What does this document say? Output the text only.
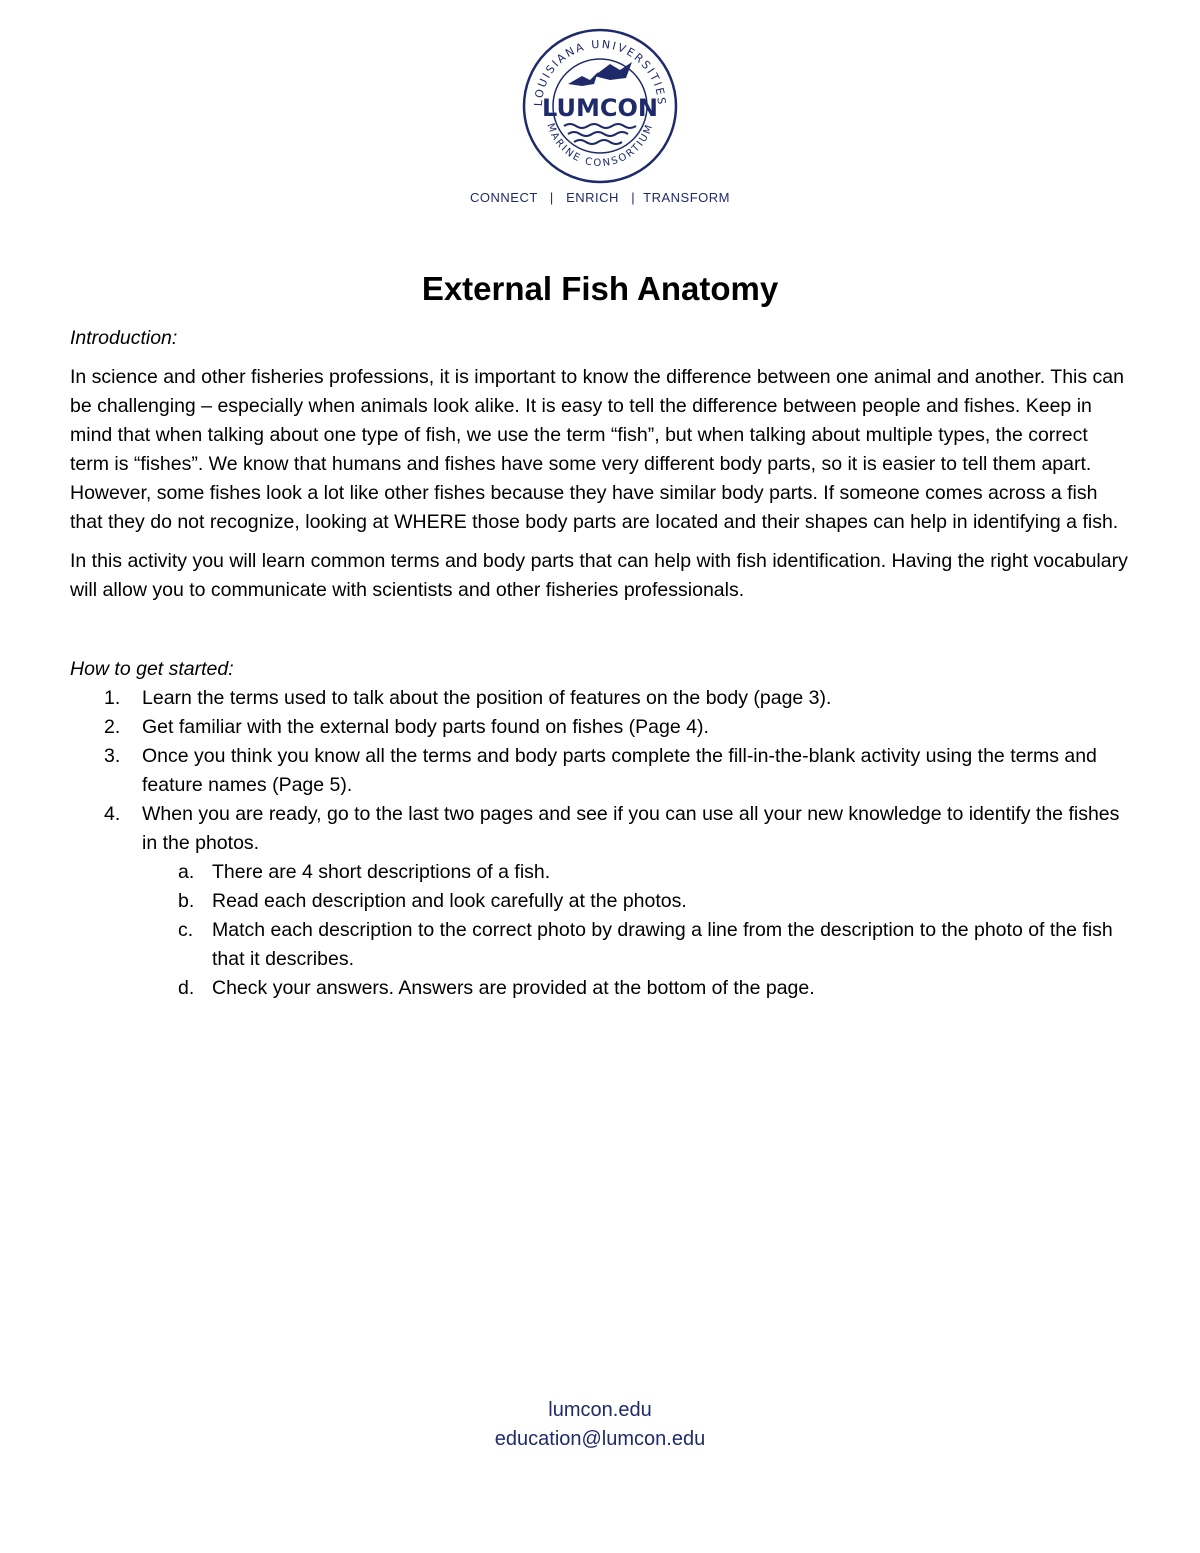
LOUISIANA UNIVERSITIES
MARINE CONSORTIUM
LUMCON
CONNECT   |   ENRICH   |  TRANSFORM
External Fish Anatomy

Introduction:

In science and other fisheries professions, it is important to know the difference between one animal and another. This can be challenging – especially when animals look alike. It is easy to tell the difference between people and fishes. Keep in mind that when talking about one type of fish, we use the term “fish”, but when talking about multiple types, the correct term is “fishes”. We know that humans and fishes have some very different body parts, so it is easier to tell them apart. However, some fishes look a lot like other fishes because they have similar body parts. If someone comes across a fish that they do not recognize, looking at WHERE those body parts are located and their shapes can help in identifying a fish.

In this activity you will learn common terms and body parts that can help with fish identification. Having the right vocabulary will allow you to communicate with scientists and other fisheries professionals.

How to get started:

1. Learn the terms used to talk about the position of features on the body (page 3).
2. Get familiar with the external body parts found on fishes (Page 4).
3. Once you think you know all the terms and body parts complete the fill-in-the-blank activity using the terms and feature names (Page 5).
4. When you are ready, go to the last two pages and see if you can use all your new knowledge to identify the fishes in the photos.
a. There are 4 short descriptions of a fish.
b. Read each description and look carefully at the photos.
c. Match each description to the correct photo by drawing a line from the description to the photo of the fish that it describes.
d. Check your answers. Answers are provided at the bottom of the page.
lumcon.edu
education@lumcon.edu
